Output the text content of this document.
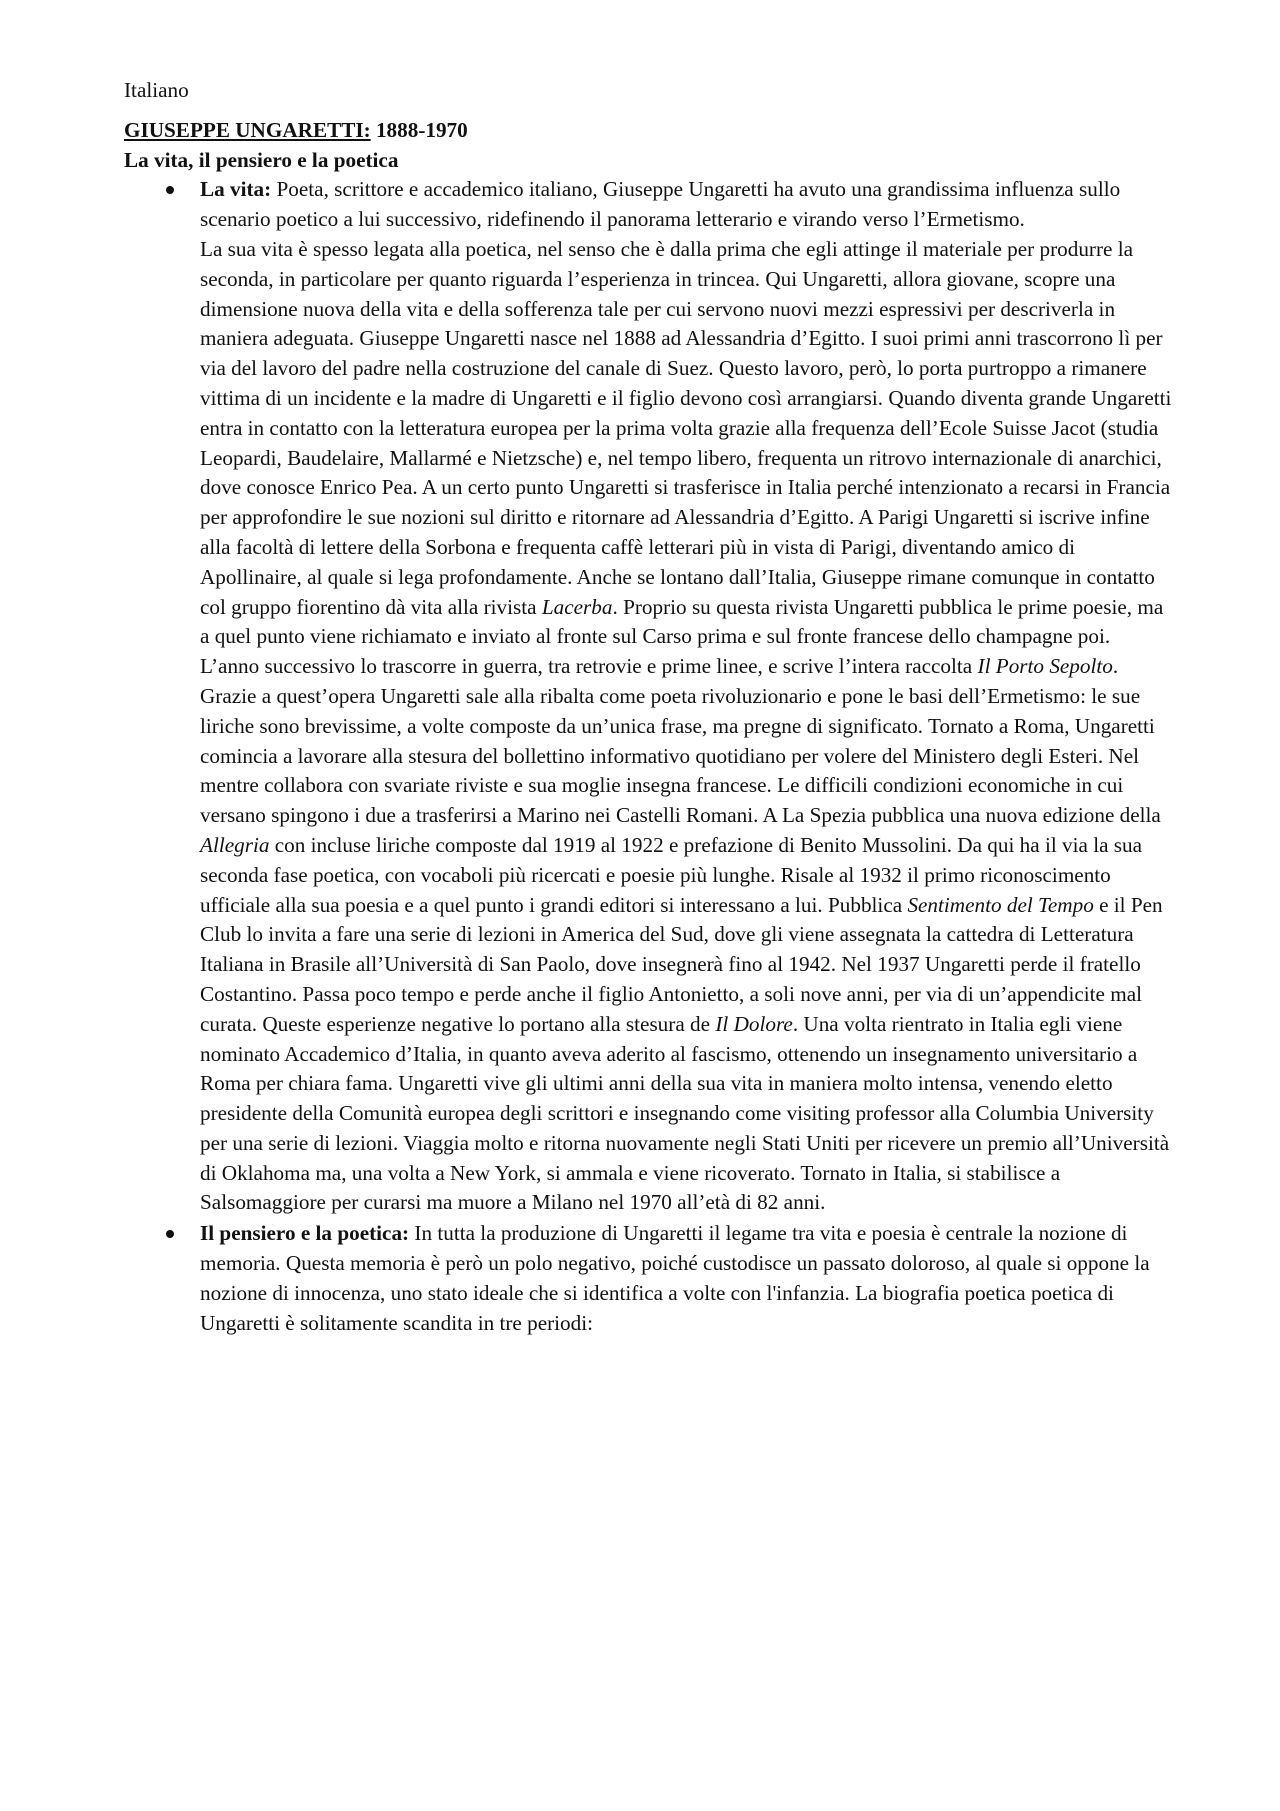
Italiano
GIUSEPPE UNGARETTI: 1888-1970
La vita, il pensiero e la poetica

La vita: Poeta, scrittore e accademico italiano, Giuseppe Ungaretti ha avuto una grandissima influenza sullo scenario poetico a lui successivo, ridefinendo il panorama letterario e virando verso l’Ermetismo.

La sua vita è spesso legata alla poetica, nel senso che è dalla prima che egli attinge il materiale per produrre la seconda, in particolare per quanto riguarda l’esperienza in trincea. Qui Ungaretti, allora giovane, scopre una dimensione nuova della vita e della sofferenza tale per cui servono nuovi mezzi espressivi per descriverla in maniera adeguata. Giuseppe Ungaretti nasce nel 1888 ad Alessandria d’Egitto. I suoi primi anni trascorrono lì per via del lavoro del padre nella costruzione del canale di Suez. Questo lavoro, però, lo porta purtroppo a rimanere vittima di un incidente e la madre di Ungaretti e il figlio devono così arrangiarsi. Quando diventa grande Ungaretti entra in contatto con la letteratura europea per la prima volta grazie alla frequenza dell’Ecole Suisse Jacot (studia Leopardi, Baudelaire, Mallarmé e Nietzsche) e, nel tempo libero, frequenta un ritrovo internazionale di anarchici, dove conosce Enrico Pea. A un certo punto Ungaretti si trasferisce in Italia perché intenzionato a recarsi in Francia per approfondire le sue nozioni sul diritto e ritornare ad Alessandria d’Egitto. A Parigi Ungaretti si iscrive infine alla facoltà di lettere della Sorbona e frequenta caffè letterari più in vista di Parigi, diventando amico di Apollinaire, al quale si lega profondamente. Anche se lontano dall’Italia, Giuseppe rimane comunque in contatto col gruppo fiorentino dà vita alla rivista Lacerba. Proprio su questa rivista Ungaretti pubblica le prime poesie, ma a quel punto viene richiamato e inviato al fronte sul Carso prima e sul fronte francese dello champagne poi. L’anno successivo lo trascorre in guerra, tra retrovie e prime linee, e scrive l’intera raccolta Il Porto Sepolto. Grazie a quest’opera Ungaretti sale alla ribalta come poeta rivoluzionario e pone le basi dell’Ermetismo: le sue liriche sono brevissime, a volte composte da un’unica frase, ma pregne di significato. Tornato a Roma, Ungaretti comincia a lavorare alla stesura del bollettino informativo quotidiano per volere del Ministero degli Esteri. Nel mentre collabora con svariate riviste e sua moglie insegna francese. Le difficili condizioni economiche in cui versano spingono i due a trasferirsi a Marino nei Castelli Romani. A La Spezia pubblica una nuova edizione della Allegria con incluse liriche composte dal 1919 al 1922 e prefazione di Benito Mussolini. Da qui ha il via la sua seconda fase poetica, con vocaboli più ricercati e poesie più lunghe. Risale al 1932 il primo riconoscimento ufficiale alla sua poesia e a quel punto i grandi editori si interessano a lui. Pubblica Sentimento del Tempo e il Pen Club lo invita a fare una serie di lezioni in America del Sud, dove gli viene assegnata la cattedra di Letteratura Italiana in Brasile all’Università di San Paolo, dove insegnerà fino al 1942. Nel 1937 Ungaretti perde il fratello Costantino. Passa poco tempo e perde anche il figlio Antonietto, a soli nove anni, per via di un’appendicite mal curata. Queste esperienze negative lo portano alla stesura de Il Dolore. Una volta rientrato in Italia egli viene nominato Accademico d’Italia, in quanto aveva aderito al fascismo, ottenendo un insegnamento universitario a Roma per chiara fama. Ungaretti vive gli ultimi anni della sua vita in maniera molto intensa, venendo eletto presidente della Comunità europea degli scrittori e insegnando come visiting professor alla Columbia University per una serie di lezioni. Viaggia molto e ritorna nuovamente negli Stati Uniti per ricevere un premio all’Università di Oklahoma ma, una volta a New York, si ammala e viene ricoverato. Tornato in Italia, si stabilisce a Salsomaggiore per curarsi ma muore a Milano nel 1970 all’età di 82 anni.

Il pensiero e la poetica: In tutta la produzione di Ungaretti il legame tra vita e poesia è centrale la nozione di memoria. Questa memoria è però un polo negativo, poiché custodisce un passato doloroso, al quale si oppone la nozione di innocenza, uno stato ideale che si identifica a volte con l'infanzia. La biografia poetica poetica di Ungaretti è solitamente scandita in tre periodi:
